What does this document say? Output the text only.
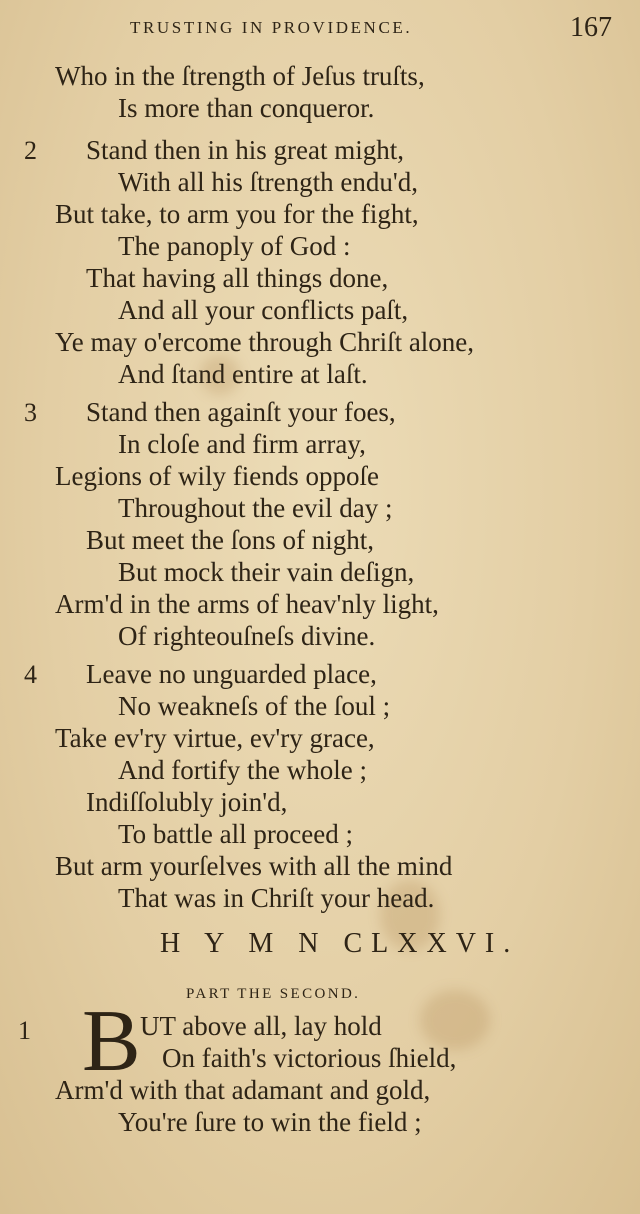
TRUSTING IN PROVIDENCE.	167
Who in the ſtrength of Jeſus truſts,
Is more than conqueror.
2 Stand then in his great might,
With all his ſtrength endu'd,
But take, to arm you for the fight,
The panoply of God :
That having all things done,
And all your conflicts paſt,
Ye may o'ercome through Chriſt alone,
And ſtand entire at laſt.
3 Stand then againſt your foes,
In cloſe and firm array,
Legions of wily fiends oppoſe
Throughout the evil day ;
But meet the ſons of night,
But mock their vain deſign,
Arm'd in the arms of heav'nly light,
Of righteouſneſs divine.
4 Leave no unguarded place,
No weakneſs of the ſoul ;
Take ev'ry virtue, ev'ry grace,
And fortify the whole ;
Indiſſolubly join'd,
To battle all proceed ;
But arm yourſelves with all the mind
That was in Chriſt your head.
H Y M N CLXXVI.
PART THE SECOND.
1 B UT above all, lay hold
On faith's victorious ſhield,
Arm'd with that adamant and gold,
You're ſure to win the field ;
